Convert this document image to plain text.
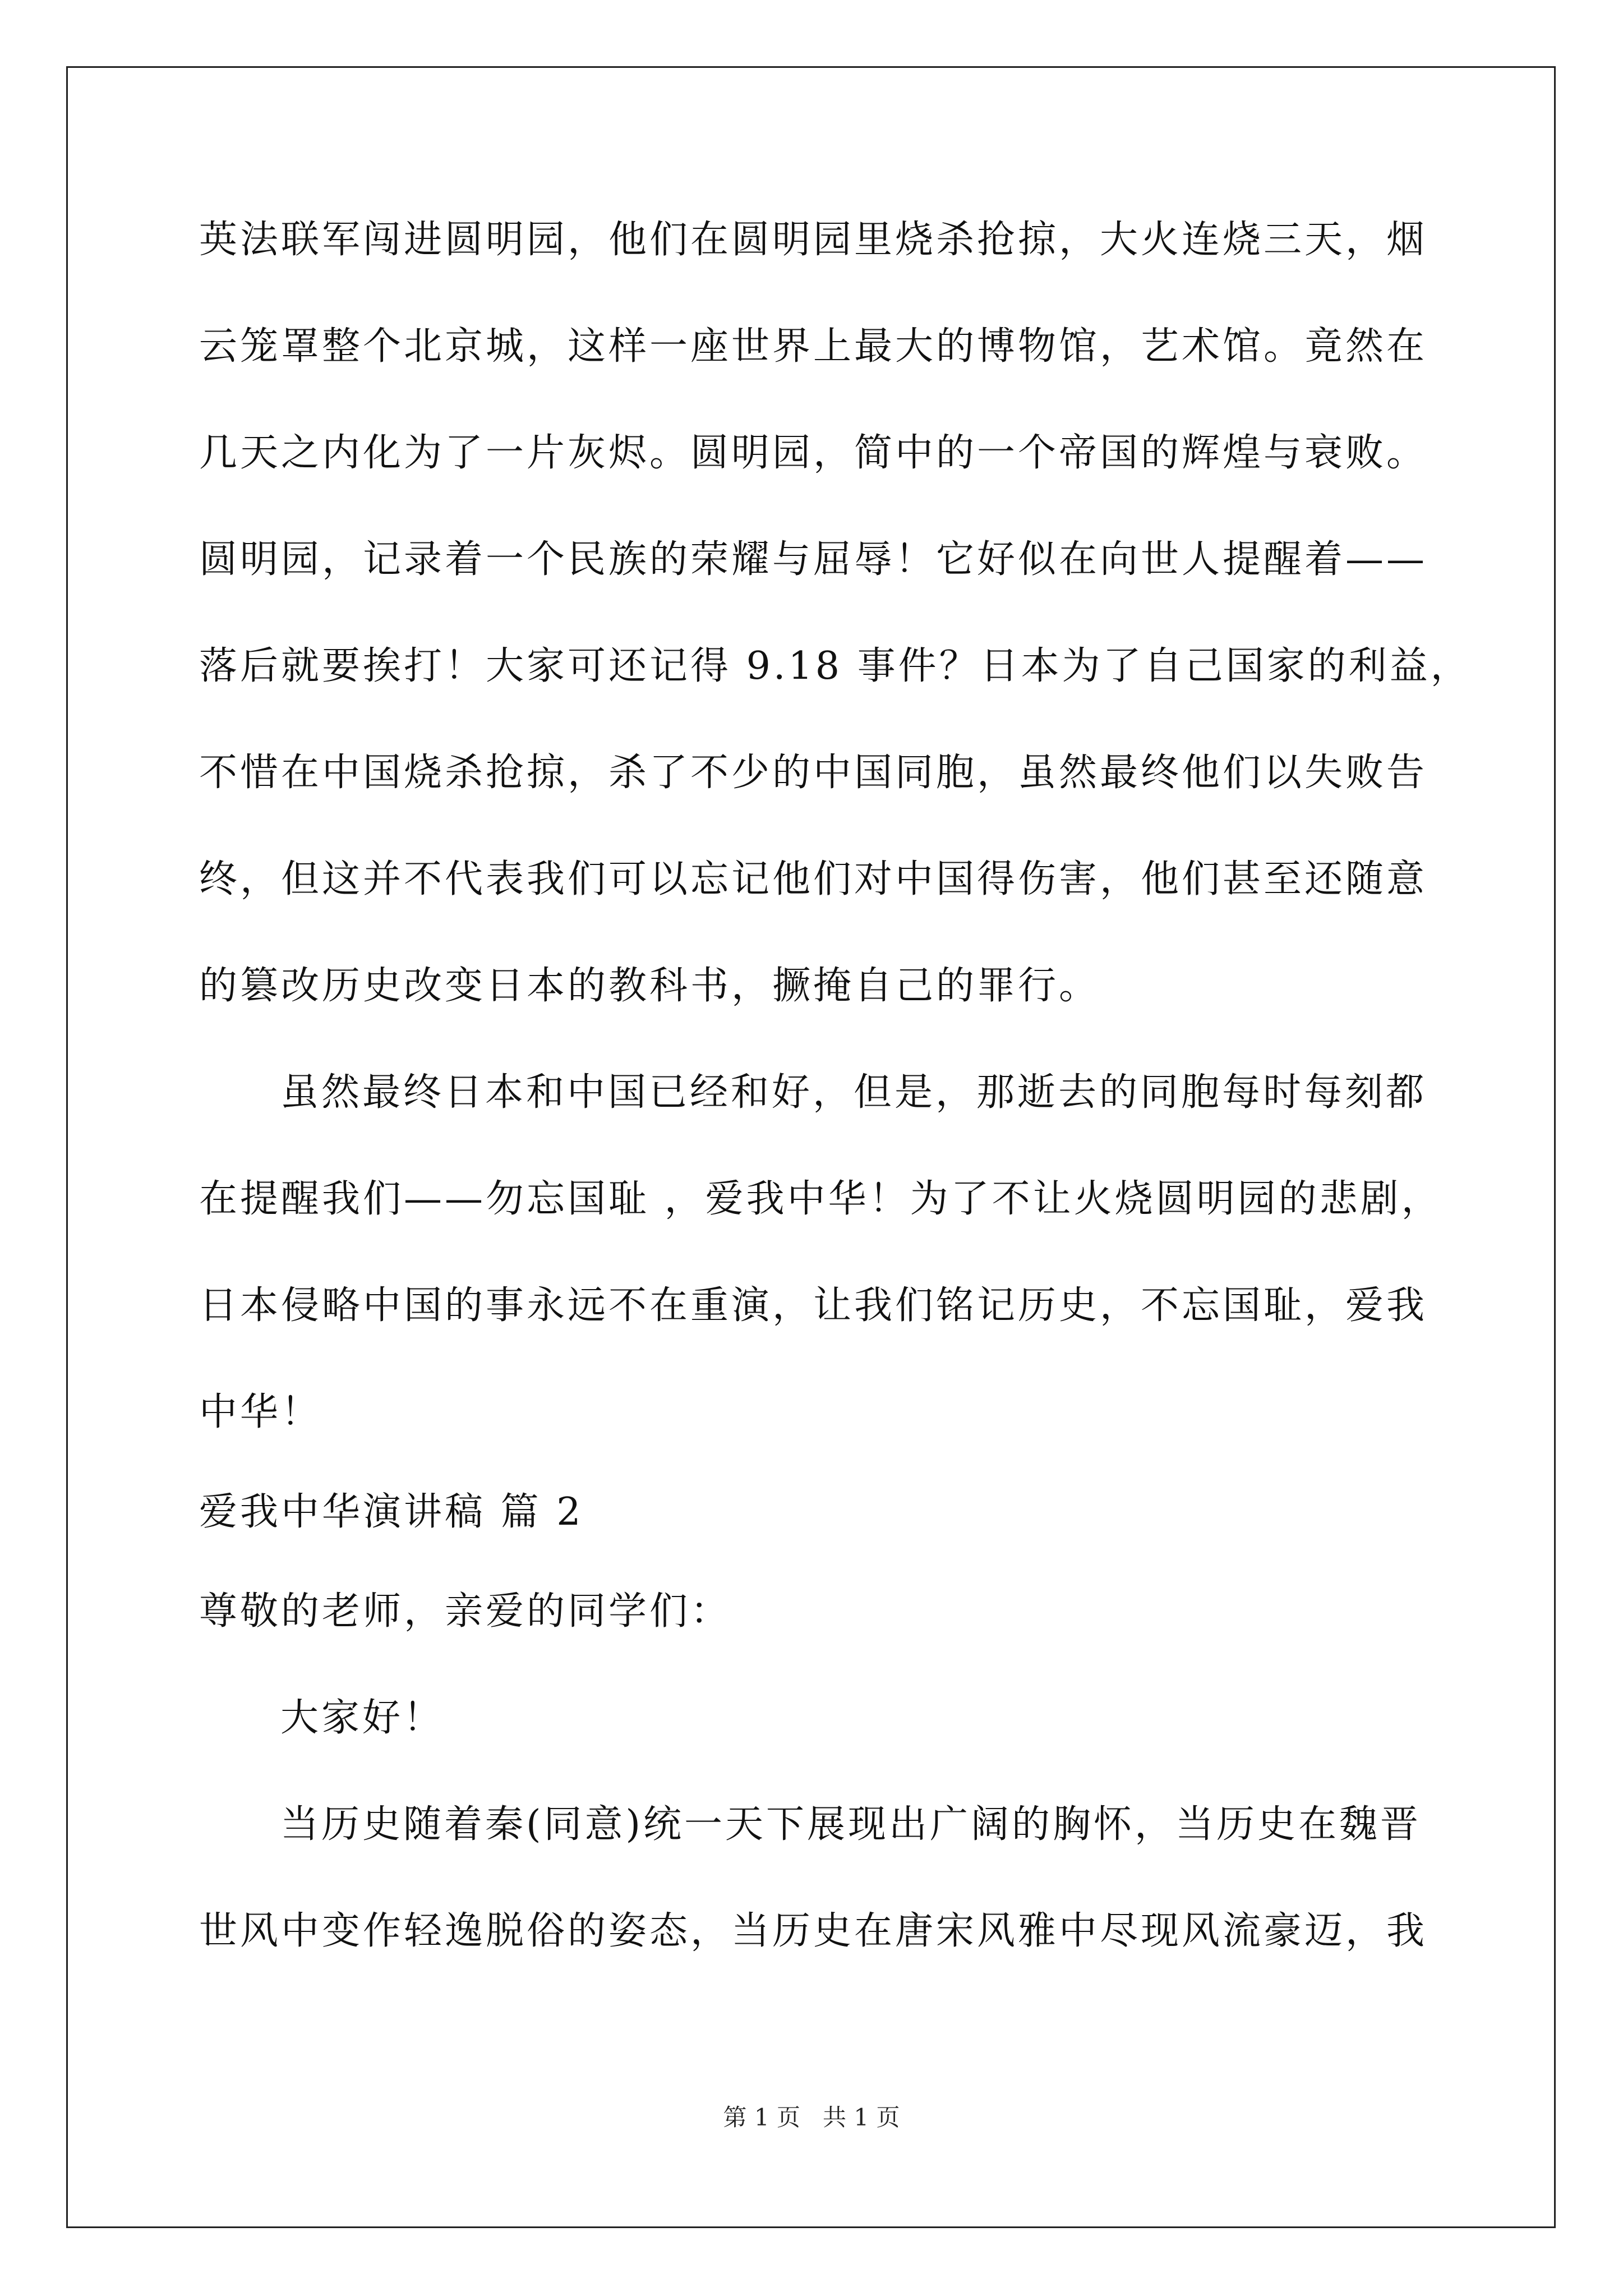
英法联军闯进圆明园，他们在圆明园里烧杀抢掠，大火连烧三天，烟
云笼罩整个北京城，这样一座世界上最大的博物馆，艺术馆。竟然在
几天之内化为了一片灰烬。圆明园，简中的一个帝国的辉煌与衰败。
圆明园，记录着一个民族的荣耀与屈辱！它好似在向世人提醒着——
落后就要挨打！大家可还记得 9.18 事件？日本为了自己国家的利益，
不惜在中国烧杀抢掠，杀了不少的中国同胞，虽然最终他们以失败告
终，但这并不代表我们可以忘记他们对中国得伤害，他们甚至还随意
的篡改历史改变日本的教科书，撅掩自己的罪行。
虽然最终日本和中国已经和好，但是，那逝去的同胞每时每刻都
在提醒我们——勿忘国耻 ，爱我中华！为了不让火烧圆明园的悲剧，
日本侵略中国的事永远不在重演，让我们铭记历史，不忘国耻，爱我
中华！
爱我中华演讲稿 篇 2
尊敬的老师，亲爱的同学们：
大家好！
当历史随着秦(同意)统一天下展现出广阔的胸怀，当历史在魏晋
世风中变作轻逸脱俗的姿态，当历史在唐宋风雅中尽现风流豪迈，我
第 1 页   共 1 页
